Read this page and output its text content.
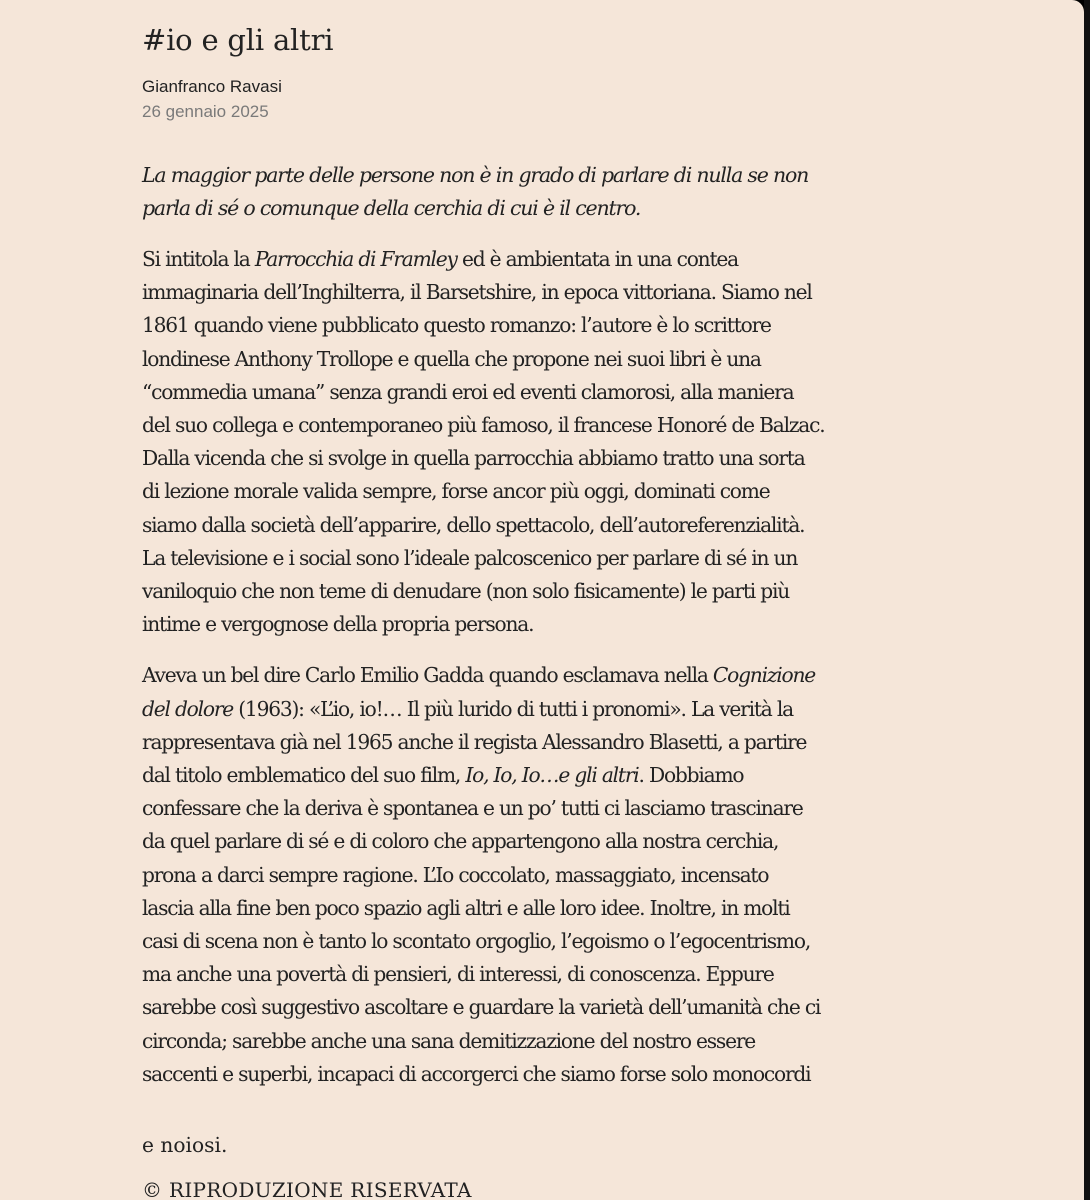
#io e gli altri
Gianfranco Ravasi
26 gennaio 2025

La maggior parte delle persone non è in grado di parlare di nulla se non
parla di sé o comunque della cerchia di cui è il centro.

Si intitola la Parrocchia di Framley ed è ambientata in una contea
immaginaria dell’Inghilterra, il Barsetshire, in epoca vittoriana. Siamo nel
1861 quando viene pubblicato questo romanzo: l’autore è lo scrittore
londinese Anthony Trollope e quella che propone nei suoi libri è una
“commedia umana” senza grandi eroi ed eventi clamorosi, alla maniera
del suo collega e contemporaneo più famoso, il francese Honoré de Balzac.
Dalla vicenda che si svolge in quella parrocchia abbiamo tratto una sorta
di lezione morale valida sempre, forse ancor più oggi, dominati come
siamo dalla società dell’apparire, dello spettacolo, dell’autoreferenzialità.
La televisione e i social sono l’ideale palcoscenico per parlare di sé in un
vaniloquio che non teme di denudare (non solo fisicamente) le parti più
intime e vergognose della propria persona.

Aveva un bel dire Carlo Emilio Gadda quando esclamava nella Cognizione
del dolore (1963): «L’io, io!… Il più lurido di tutti i pronomi». La verità la
rappresentava già nel 1965 anche il regista Alessandro Blasetti, a partire
dal titolo emblematico del suo film, Io, Io, Io…e gli altri. Dobbiamo
confessare che la deriva è spontanea e un po’ tutti ci lasciamo trascinare
da quel parlare di sé e di coloro che appartengono alla nostra cerchia,
prona a darci sempre ragione. L’Io coccolato, massaggiato, incensato
lascia alla fine ben poco spazio agli altri e alle loro idee. Inoltre, in molti
casi di scena non è tanto lo scontato orgoglio, l’egoismo o l’egocentrismo,
ma anche una povertà di pensieri, di interessi, di conoscenza. Eppure
sarebbe così suggestivo ascoltare e guardare la varietà dell’umanità che ci
circonda; sarebbe anche una sana demitizzazione del nostro essere
saccenti e superbi, incapaci di accorgerci che siamo forse solo monocordi

e noiosi.

© RIPRODUZIONE RISERVATA
